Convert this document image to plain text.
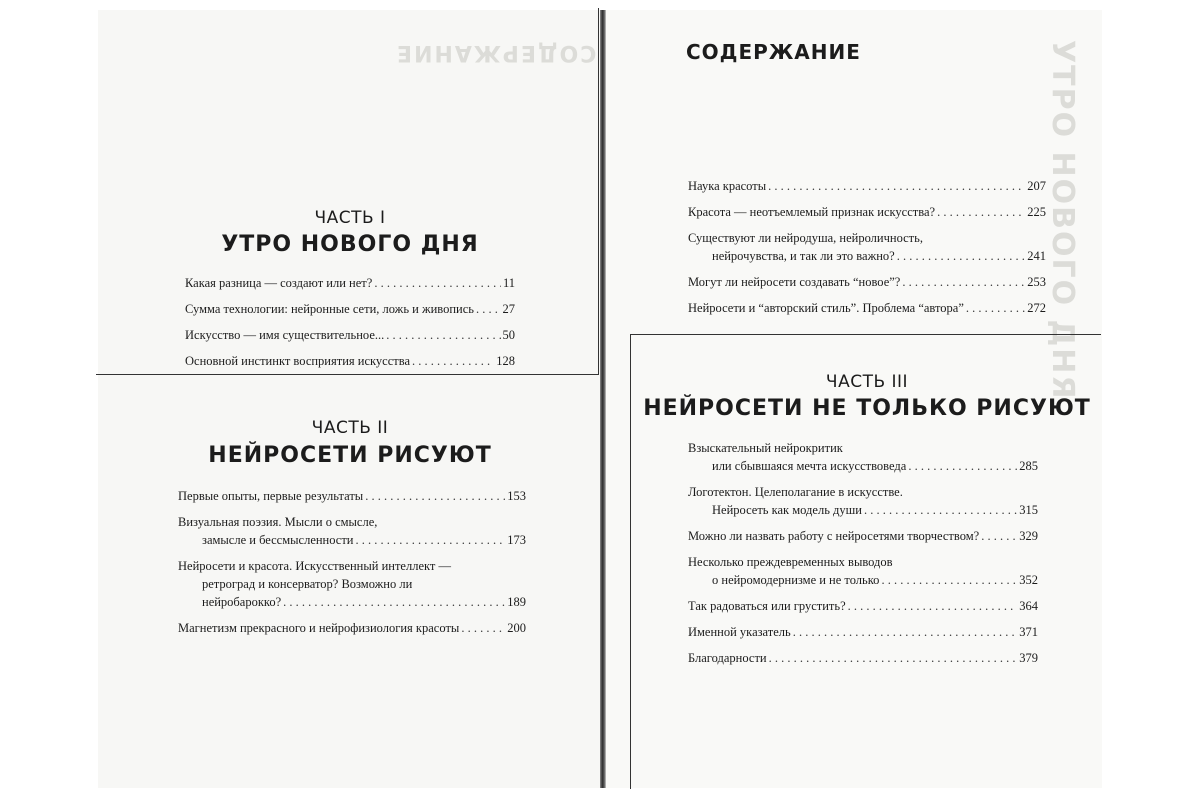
СОДЕРЖАНИЕ	УТРО НОВОГО ДНЯ
ЧАСТЬ I
УТРО НОВОГО ДНЯ
Какая разница — создают или нет? . . .	11
Сумма технологии: нейронные сети, ложь и живопись . . . 27
Искусство — имя существительное... . . .	50
Основной инстинкт восприятия искусства . . .	128
ЧАСТЬ II
НЕЙРОСЕТИ РИСУЮТ
Первые опыты, первые результаты . . .	153
Визуальная поэзия. Мысли о смысле,
замысле и бессмысленности . . .	173
Нейросети и красота. Искусственный интеллект —
ретроград и консерватор? Возможно ли
нейробарокко? . . .	189
Магнетизм прекрасного и нейрофизиология красоты . . .	200
СОДЕРЖАНИЕ
Наука красоты . . .	207
Красота — неотъемлемый признак искусства? . . .	225
Существуют ли нейродуша, нейроличность,
нейрочувства, и так ли это важно? . . .	241
Могут ли нейросети создавать “новое”? . . .	253
Нейросети и “авторский стиль”. Проблема “автора” . . .	272
ЧАСТЬ III
НЕЙРОСЕТИ НЕ ТОЛЬКО РИСУЮТ
Взыскательный нейрокритик
или сбывшаяся мечта искусствоведа . . .	285
Логотектон. Целеполагание в искусстве.
Нейросеть как модель души . . .	315
Можно ли назвать работу с нейросетями творчеством? . . .	329
Несколько преждевременных выводов
о нейромодернизме и не только . . .	352
Так радоваться или грустить? . . .	364
Именной указатель . . .	371
Благодарности . . .	379
